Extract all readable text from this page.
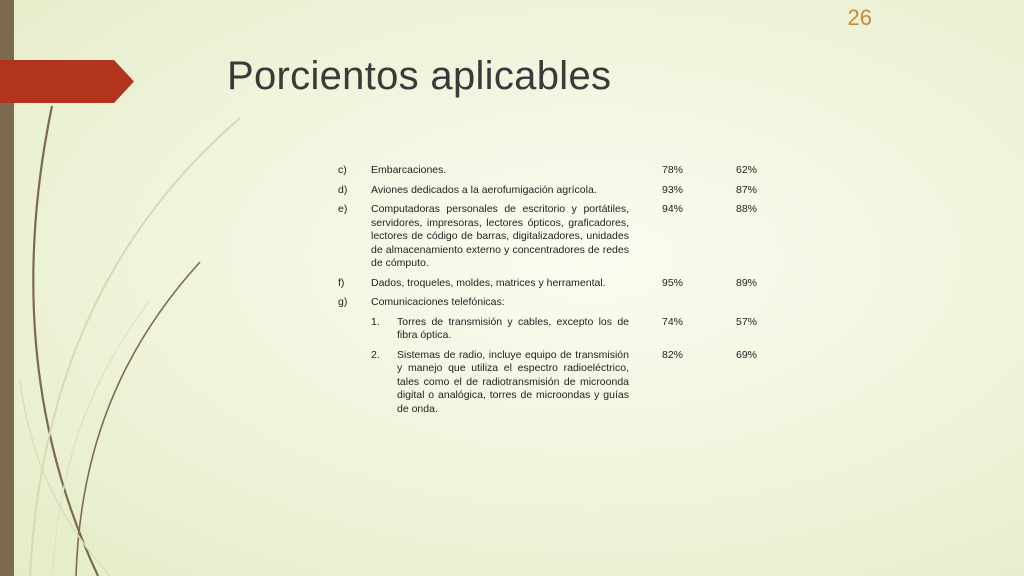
26
Porcientos aplicables
c)	Embarcaciones.		78%	62%
d)	Aviones dedicados a la aerofumigación agrícola.		93%	87%
e)	Computadoras personales de escritorio y portátiles, servidores, impresoras, lectores ópticos, graficadores, lectores de código de barras, digitalizadores, unidades de almacenamiento externo y concentradores de redes de cómputo.		94%	88%
f)	Dados, troqueles, moldes, matrices y herramental.		95%	89%
g)	Comunicaciones telefónicas:			
	1.	Torres de transmisión y cables, excepto los de fibra óptica.	74%	57%
	2.	Sistemas de radio, incluye equipo de transmisión y manejo que utiliza el espectro radioeléctrico, tales como el de radiotransmisión de microonda digital o analógica, torres de microondas y guías de onda.	82%	69%
